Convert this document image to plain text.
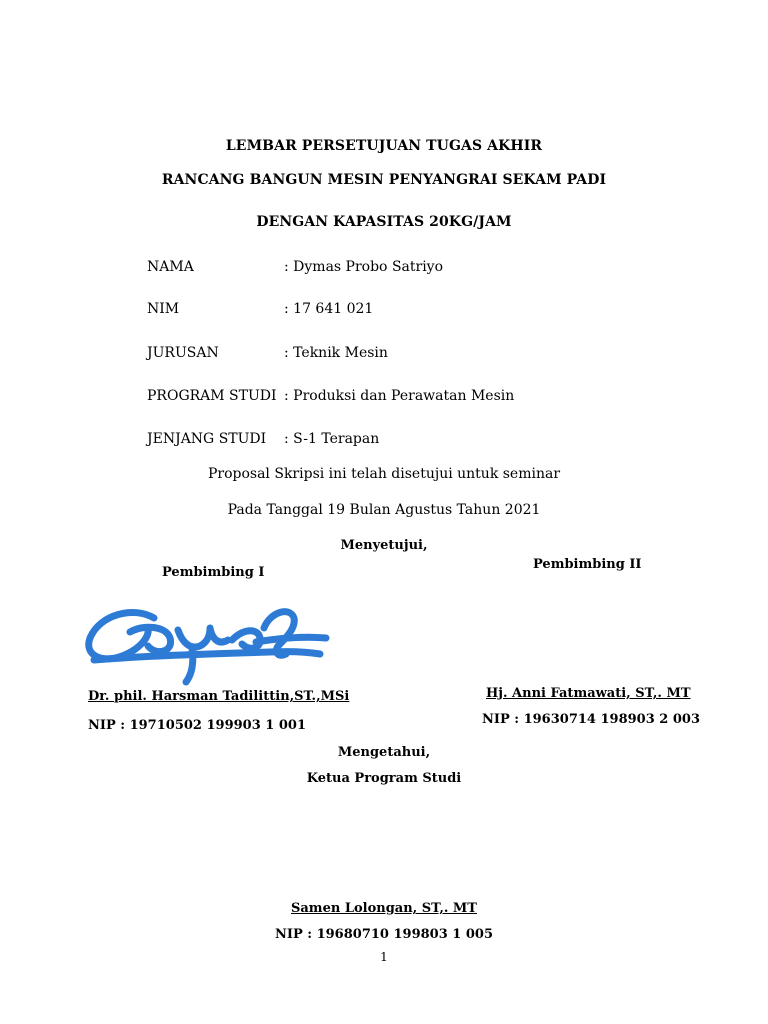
LEMBAR PERSETUJUAN TUGAS AKHIR
RANCANG BANGUN MESIN PENYANGRAI SEKAM PADI
DENGAN KAPASITAS 20KG/JAM
NAMA	: Dymas Probo Satriyo
NIM	: 17 641 021
JURUSAN	: Teknik Mesin
PROGRAM STUDI : Produksi dan Perawatan Mesin
JENJANG STUDI : S-1 Terapan
Proposal Skripsi ini telah disetujui untuk seminar
Pada Tanggal 19 Bulan Agustus Tahun 2021
Menyetujui,
Pembimbing I
Pembimbing II
Dr. phil. Harsman Tadilittin,ST.,MSi
NIP : 19710502 199903 1 001
Hj. Anni Fatmawati, ST,. MT
NIP : 19630714 198903 2 003
Mengetahui,
Ketua Program Studi
Samen Lolongan, ST,. MT
NIP : 19680710 199803 1 005
1
